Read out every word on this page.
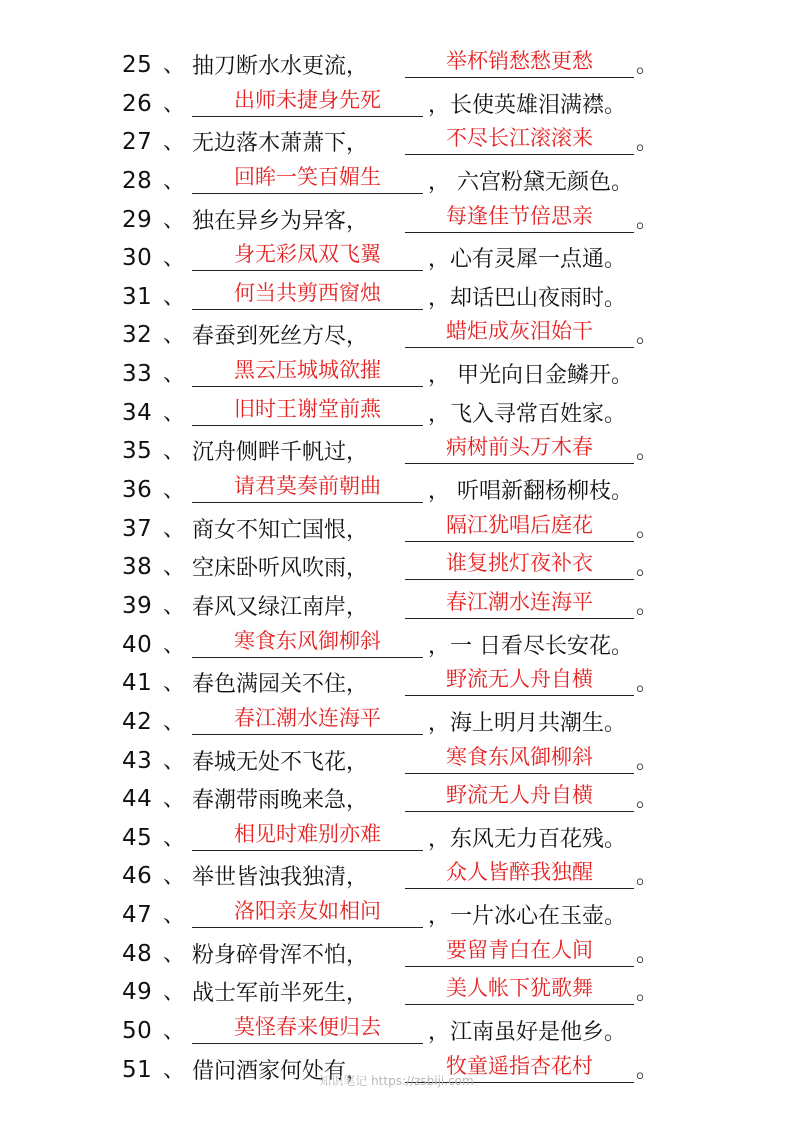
25 、 抽刀断水水更流，	举杯销愁愁更愁	。
26 、	出师未捷身先死	，长使英雄泪满襟。
27 、 无边落木萧萧下，	不尽长江滚滚来	。
28 、	回眸一笑百媚生	， 六宫粉黛无颜色。
29 、 独在异乡为异客，	每逢佳节倍思亲	。
30 、	身无彩凤双飞翼	，心有灵犀一点通。
31 、	何当共剪西窗烛	，却话巴山夜雨时。
32 、 春蚕到死丝方尽，	蜡炬成灰泪始干	。
33 、	黑云压城城欲摧	， 甲光向日金鳞开。
34 、	旧时王谢堂前燕	，飞入寻常百姓家。
35 、 沉舟侧畔千帆过，	病树前头万木春	。
36 、	请君莫奏前朝曲	， 听唱新翻杨柳枝。
37 、 商女不知亡国恨，	隔江犹唱后庭花	。
38 、 空床卧听风吹雨，	谁复挑灯夜补衣	。
39 、 春风又绿江南岸，	春江潮水连海平	。
40 、	寒食东风御柳斜	，一 日看尽长安花。
41 、 春色满园关不住，	野流无人舟自横	。
42 、	春江潮水连海平	，海上明月共潮生。
43 、 春城无处不飞花，	寒食东风御柳斜	。
44 、 春潮带雨晚来急，	野流无人舟自横	。
45 、	相见时难别亦难	，东风无力百花残。
46 、 举世皆浊我独清，	众人皆醉我独醒	。
47 、	洛阳亲友如相问	，一片冰心在玉壶。
48 、 粉身碎骨浑不怕，	要留青白在人间	。
49 、 战士军前半死生，	美人帐下犹歌舞	。
50 、	莫怪春来便归去	，江南虽好是他乡。
51 、 借问酒家何处有，	牧童遥指杏花村	。
知识笔记 https://zsbiji.com
